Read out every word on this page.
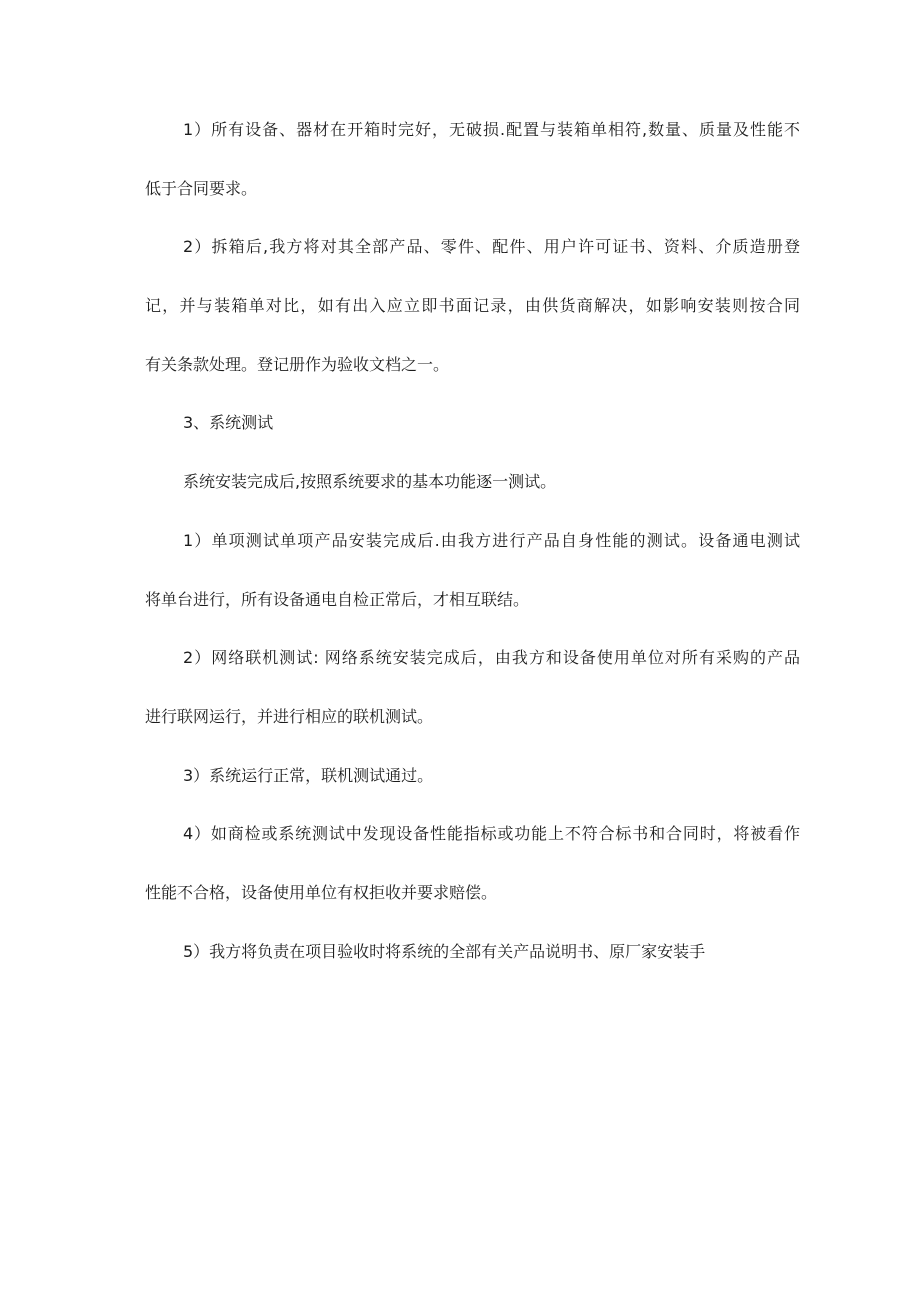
1）所有设备、器材在开箱时完好，无破损.配置与装箱单相符,数量、质量及性能不
低于合同要求。
2）拆箱后,我方将对其全部产品、零件、配件、用户许可证书、资料、介质造册登
记，并与装箱单对比，如有出入应立即书面记录，由供货商解决，如影响安装则按合同
有关条款处理。登记册作为验收文档之一。
3、系统测试
系统安装完成后,按照系统要求的基本功能逐一测试。
1）单项测试单项产品安装完成后.由我方进行产品自身性能的测试。设备通电测试
将单台进行，所有设备通电自检正常后，才相互联结。
2）网络联机测试: 网络系统安装完成后，由我方和设备使用单位对所有采购的产品
进行联网运行，并进行相应的联机测试。
3）系统运行正常，联机测试通过。
4）如商检或系统测试中发现设备性能指标或功能上不符合标书和合同时，将被看作
性能不合格，设备使用单位有权拒收并要求赔偿。
5）我方将负责在项目验收时将系统的全部有关产品说明书、原厂家安装手
